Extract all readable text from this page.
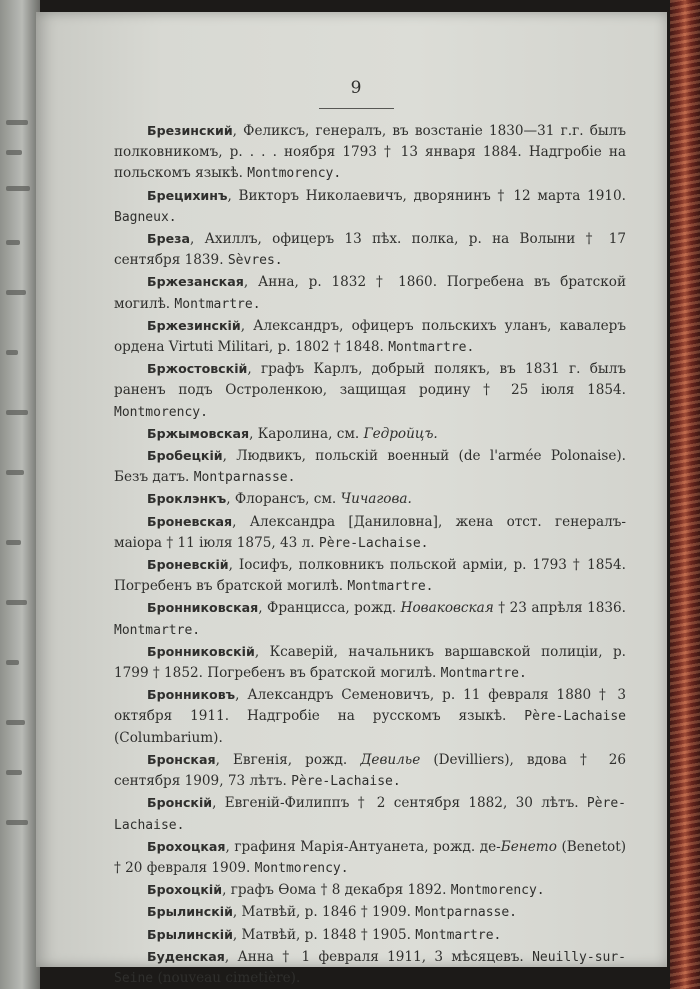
9

Брезинский, Феликсъ, генералъ, въ возстаніе 1830—31 г.г. былъ полковникомъ, р. . . . ноября 1793 † 13 января 1884. Надгробіе на польскомъ языкѣ. Montmorency.

Брецихинъ, Викторъ Николаевичъ, дворянинъ † 12 марта 1910. Bagneux.

Бреза, Ахиллъ, офицеръ 13 пѣх. полка, р. на Волыни † 17 сентября 1839. Sèvres.

Бржезанская, Анна, р. 1832 † 1860. Погребена въ братской могилѣ. Montmartre.

Бржезинскій, Александръ, офицеръ польскихъ уланъ, кавалеръ ордена Virtuti Militari, р. 1802 † 1848. Montmartre.

Бржостовскій, графъ Карлъ, добрый полякъ, въ 1831 г. былъ раненъ подъ Остроленкою, защищая родину † 25 іюля 1854. Montmorency.

Бржымовская, Каролина, см. Гедройцъ.

Бробецкій, Людвикъ, польскій военный (de l'armée Polonaise). Безъ датъ. Montparnasse.

Броклэнкъ, Флорансъ, см. Чичагова.

Броневская, Александра [Даниловна], жена отст. генералъ-маіора † 11 іюля 1875, 43 л. Père-Lachaise.

Броневскій, Іосифъ, полковникъ польской арміи, р. 1793 † 1854. Погребенъ въ братской могилѣ. Montmartre.

Бронниковская, Францисса, рожд. Новаковская † 23 апрѣля 1836. Montmartre.

Бронниковскій, Ксаверій, начальникъ варшавской полиціи, р. 1799 † 1852. Погребенъ въ братской могилѣ. Montmartre.

Бронниковъ, Александръ Семеновичъ, р. 11 февраля 1880 † 3 октября 1911. Надгробіе на русскомъ языкѣ. Père-Lachaise (Columbarium).

Бронская, Евгенія, рожд. Девилье (Devilliers), вдова † 26 сентября 1909, 73 лѣтъ. Père-Lachaise.

Бронскій, Евгеній-Филиппъ † 2 сентября 1882, 30 лѣтъ. Père-Lachaise.

Брохоцкая, графиня Марія-Антуанета, рожд. де-Бенето (Benetot) † 20 февраля 1909. Montmorency.

Брохоцкій, графъ Ѳома † 8 декабря 1892. Montmorency.

Брылинскій, Матвѣй, р. 1846 † 1909. Montparnasse.

Брылинскій, Матвѣй, р. 1848 † 1905. Montmartre.

Буденская, Анна † 1 февраля 1911, 3 мѣсяцевъ. Neuilly-sur-Seine (nouveau cimetière).
